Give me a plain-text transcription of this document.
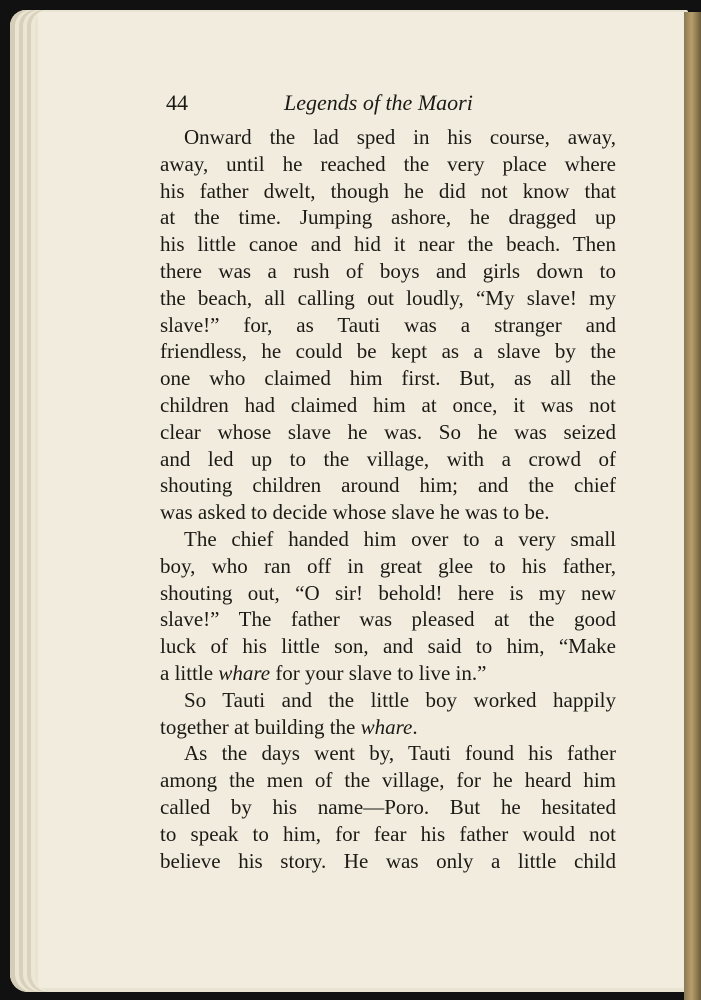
44	Legends of the Maori
Onward the lad sped in his course, away,
away, until he reached the very place where
his father dwelt, though he did not know that
at the time. Jumping ashore, he dragged up
his little canoe and hid it near the beach. Then
there was a rush of boys and girls down to
the beach, all calling out loudly, “My slave! my
slave!” for, as Tauti was a stranger and
friendless, he could be kept as a slave by the
one who claimed him first. But, as all the
children had claimed him at once, it was not
clear whose slave he was. So he was seized
and led up to the village, with a crowd of
shouting children around him; and the chief
was asked to decide whose slave he was to be.
The chief handed him over to a very small
boy, who ran off in great glee to his father,
shouting out, “O sir! behold! here is my new
slave!” The father was pleased at the good
luck of his little son, and said to him, “Make
a little whare for your slave to live in.”
So Tauti and the little boy worked happily
together at building the whare.
As the days went by, Tauti found his father
among the men of the village, for he heard him
called by his name—Poro. But he hesitated
to speak to him, for fear his father would not
believe his story. He was only a little child
